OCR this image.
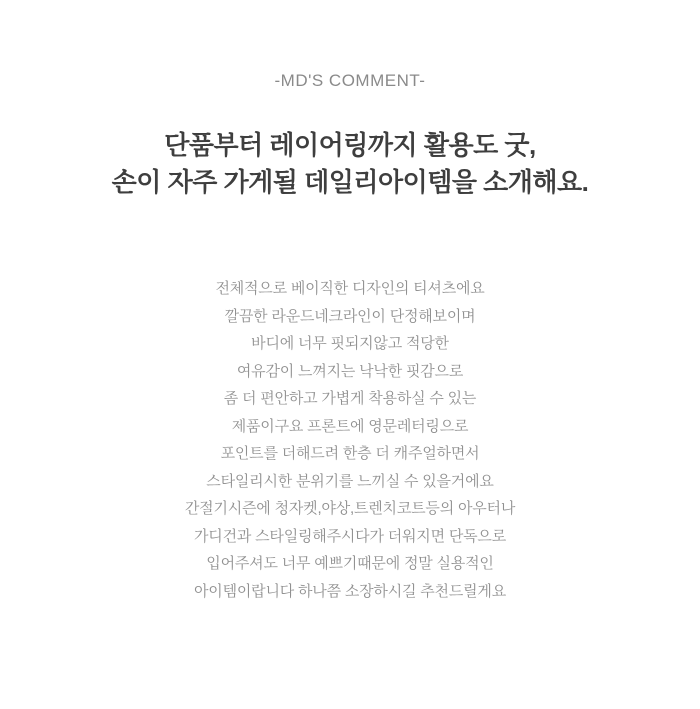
-MD'S COMMENT-
단품부터 레이어링까지 활용도 굿,
손이 자주 가게될 데일리아이템을 소개해요.
전체적으로 베이직한 디자인의 티셔츠에요
깔끔한 라운드네크라인이 단정해보이며
바디에 너무 핏되지않고 적당한
여유감이 느껴지는 낙낙한 핏감으로
좀 더 편안하고 가볍게 착용하실 수 있는
제품이구요 프론트에 영문레터링으로
포인트를 더해드려 한층 더 캐주얼하면서
스타일리시한 분위기를 느끼실 수 있을거에요
간절기시즌에 청자켓,야상,트렌치코트등의 아우터나
가디건과 스타일링해주시다가 더워지면 단독으로
입어주셔도 너무 예쁘기때문에 정말 실용적인
아이템이랍니다 하나쯤 소장하시길 추천드릴게요
